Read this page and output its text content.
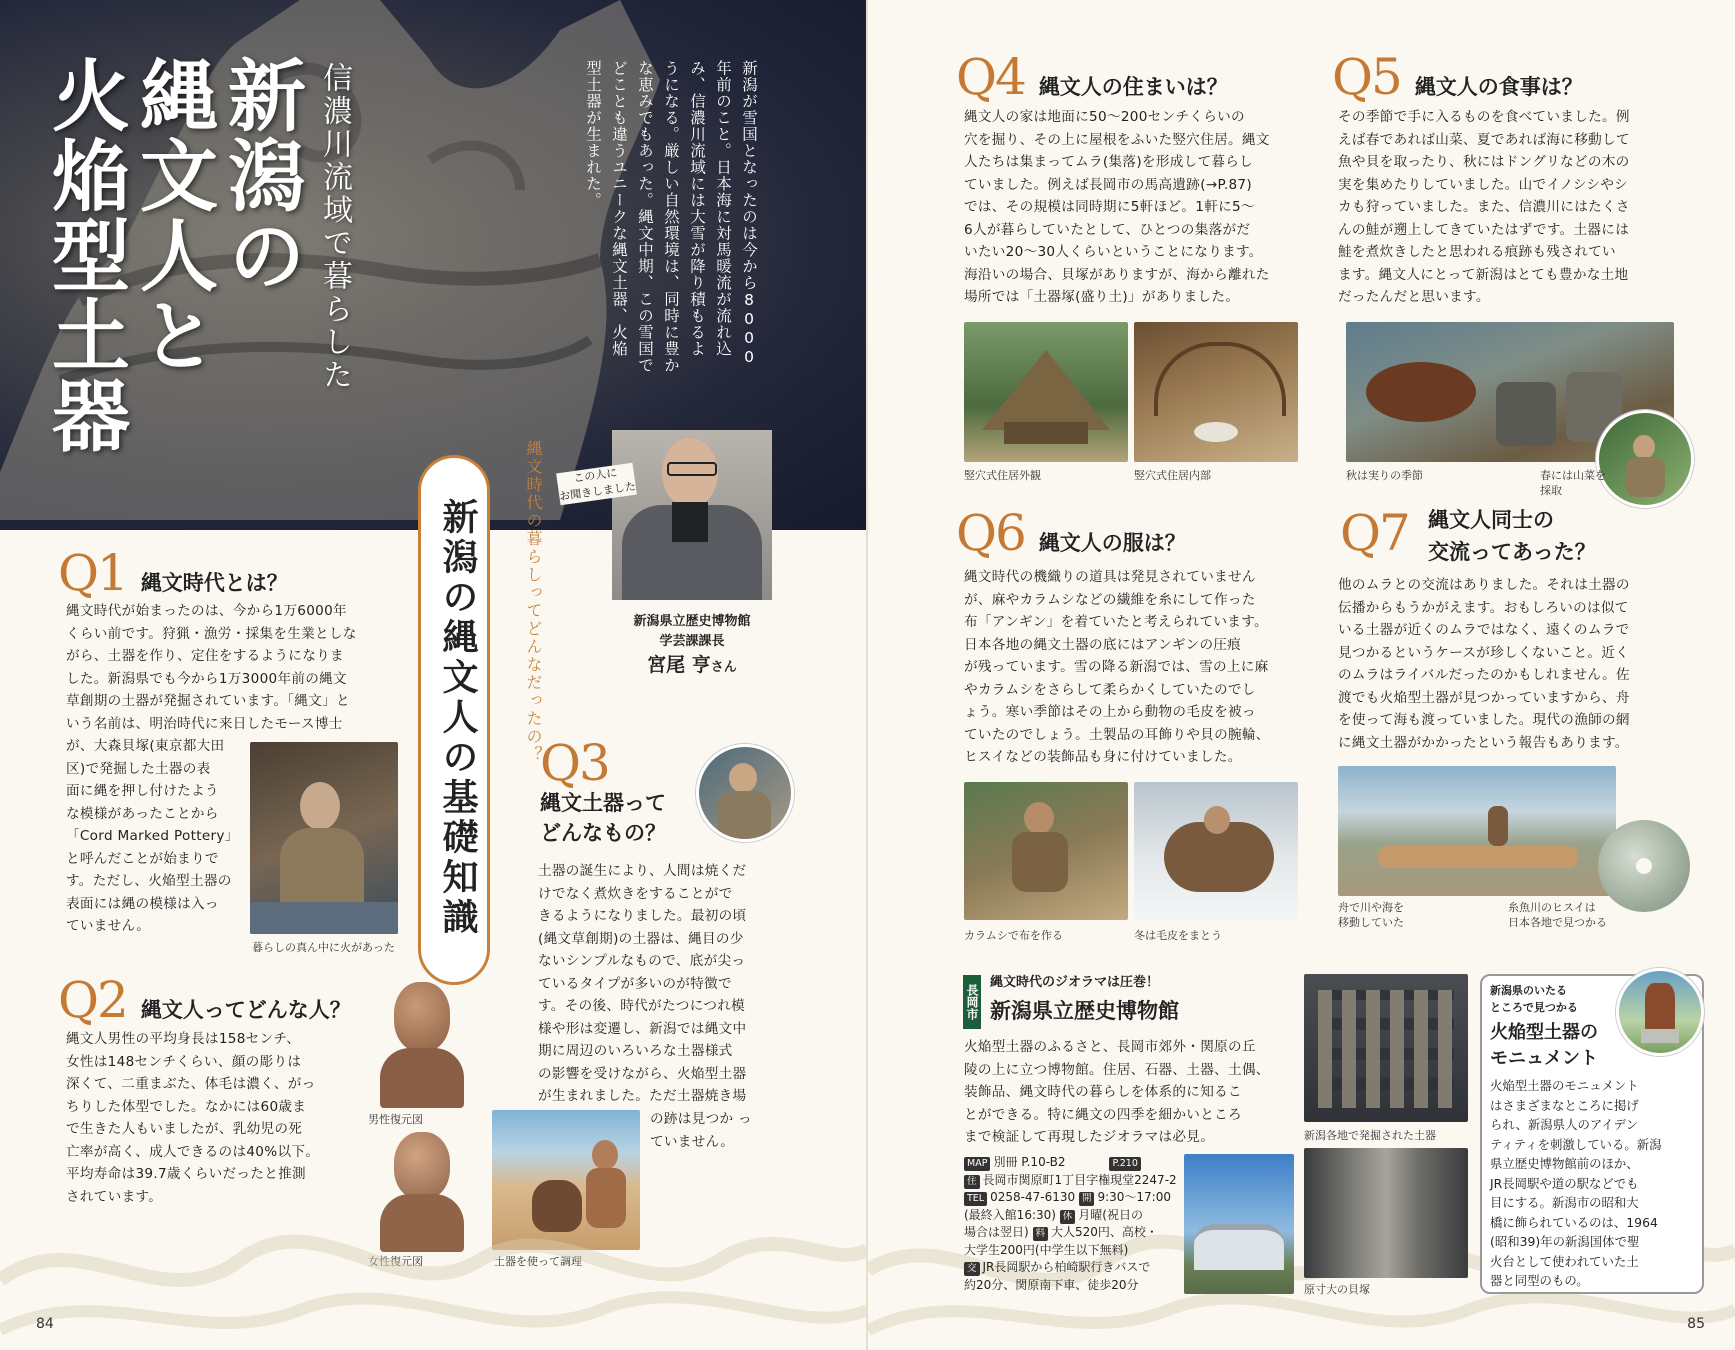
新潟の
縄文人と
火焔型土器	信濃川流域で暮らした	新潟が雪国となったのは今から8000
年前のこと。日本海に対馬暖流が流れ込
み、信濃川流域には大雪が降り積もるよ
うになる。厳しい自然環境は、同時に豊か
な恵みでもあった。縄文中期、この雪国で
どことも違うユニークな縄文土器、火焔
型土器が生まれた。
この人に
お聞きしました
新潟県立歴史博物館
学芸課課長
宮尾 亨さん
新潟の縄文人の基礎知識	縄文時代の暮らしってどんなだったの？
Q1 縄文時代とは？
縄文時代が始まったのは、今から1万6000年
くらい前です。狩猟・漁労・採集を生業としな
がら、土器を作り、定住をするようになりま
した。新潟県でも今から1万3000年前の縄文
草創期の土器が発掘されています。「縄文」と
いう名前は、明治時代に来日したモース博士
が、大森貝塚(東京都大田
区)で発掘した土器の表
面に縄を押し付けたよう
な模様があったことから
「Cord Marked Pottery」
と呼んだことが始まりで
す。ただし、火焔型土器の
表面には縄の模様は入っ
ていません。
暮らしの真ん中に火があった
Q2 縄文人ってどんな人？
縄文人男性の平均身長は158センチ、
女性は148センチくらい、顔の彫りは
深くて、二重まぶた、体毛は濃く、がっ
ちりした体型でした。なかには60歳ま
で生きた人もいましたが、乳幼児の死
亡率が高く、成人できるのは40%以下。
平均寿命は39.7歳くらいだったと推測
されています。
男性復元図
女性復元図
Q3
縄文土器って
どんなもの？
土器の誕生により、人間は焼くだ
けでなく煮炊きをすることがで
きるようになりました。最初の頃
(縄文草創期)の土器は、縄目の少
ないシンプルなもので、底が尖っ
ているタイプが多いのが特徴で
す。その後、時代がたつにつれ模
様や形は変遷し、新潟では縄文中
期に周辺のいろいろな土器様式
の影響を受けながら、火焔型土器
が生まれました。ただ土器焼き場
の跡は見つか っ
ていません。
土器を使って調理
84
Q4 縄文人の住まいは？
縄文人の家は地面に50～200センチくらいの
穴を掘り、その上に屋根をふいた竪穴住居。縄文
人たちは集まってムラ(集落)を形成して暮らし
ていました。例えば長岡市の馬高遺跡(→P.87)
では、その規模は同時期に5軒ほど。1軒に5～
6人が暮らしていたとして、ひとつの集落がだ
いたい20～30人くらいということになります。
海沿いの場合、貝塚がありますが、海から離れた
場所では「土器塚(盛り土)」がありました。
竪穴式住居外観	竪穴式住居内部
Q5 縄文人の食事は？
その季節で手に入るものを食べていました。例
えば春であれば山菜、夏であれば海に移動して
魚や貝を取ったり、秋にはドングリなどの木の
実を集めたりしていました。山でイノシシやシ
カも狩っていました。また、信濃川にはたくさ
んの鮭が遡上してきていたはずです。土器には
鮭を煮炊きしたと思われる痕跡も残されてい
ます。縄文人にとって新潟はとても豊かな土地
だったんだと思います。
秋は実りの季節	春には山菜を
採取
Q6 縄文人の服は？
縄文時代の機織りの道具は発見されていません
が、麻やカラムシなどの繊維を糸にして作った
布「アンギン」を着ていたと考えられています。
日本各地の縄文土器の底にはアンギンの圧痕
が残っています。雪の降る新潟では、雪の上に麻
やカラムシをさらして柔らかくしていたのでし
ょう。寒い季節はその上から動物の毛皮を被っ
ていたのでしょう。土製品の耳飾りや貝の腕輪、
ヒスイなどの装飾品も身に付けていました。
カラムシで布を作る	冬は毛皮をまとう
Q7 縄文人同士の
交流ってあった？
他のムラとの交流はありました。それは土器の
伝播からもうかがえます。おもしろいのは似て
いる土器が近くのムラではなく、遠くのムラで
見つかるというケースが珍しくないこと。近く
のムラはライバルだったのかもしれません。佐
渡でも火焔型土器が見つかっていますから、舟
を使って海も渡っていました。現代の漁師の網
に縄文土器がかかったという報告もあります。
舟で川や海を
移動していた
糸魚川のヒスイは
日本各地で見つかる
長岡市
縄文時代のジオラマは圧巻！
新潟県立歴史博物館
火焔型土器のふるさと、長岡市郊外・関原の丘
陵の上に立つ博物館。住居、石器、土器、土偶、
装飾品、縄文時代の暮らしを体系的に知るこ
とができる。特に縄文の四季を細かいところ
まで検証して再現したジオラマは必見。
MAP 別冊 P.10-B2	P.210
住 長岡市関原町1丁目字権現堂2247-2
TEL 0258-47-6130 開 9:30～17:00
(最終入館16:30) 休 月曜(祝日の
場合は翌日) 料 大人520円、高校・
大学生200円(中学生以下無料)
交 JR長岡駅から柏崎駅行きバスで
約20分、関原南下車、徒歩20分
新潟各地で発掘された土器
原寸大の貝塚
新潟県のいたる
ところで見つかる
火焔型土器の
モニュメント
火焔型土器のモニュメント
はさまざまなところに掲げ
られ、新潟県人のアイデン
ティティを刺激している。新潟
県立歴史博物館前のほか、
JR長岡駅や道の駅などでも
目にする。新潟市の昭和大
橋に飾られているのは、1964
(昭和39)年の新潟国体で聖
火台として使われていた土
器と同型のもの。
85
